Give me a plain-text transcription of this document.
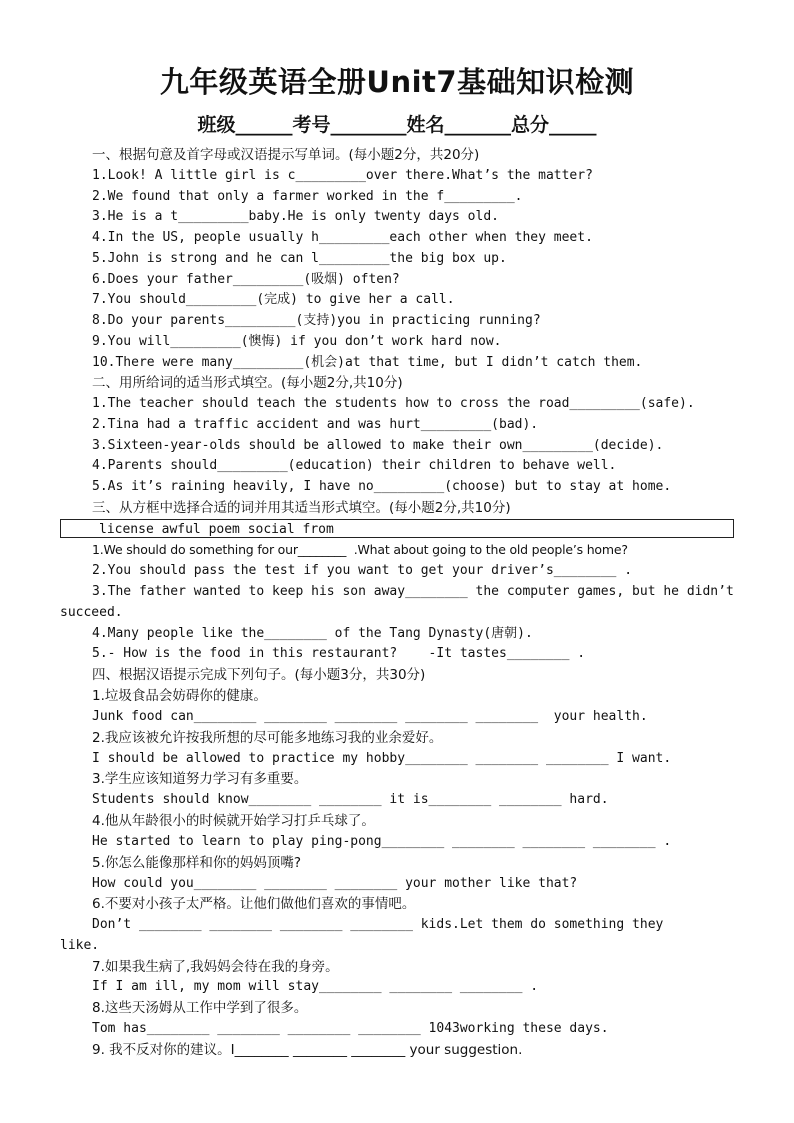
九年级英语全册Unit7基础知识检测
班级______考号________姓名_______总分_____
一、根据句意及首字母或汉语提示写单词。(每小题2分，共20分)
1.Look! A little girl is c_________over there.What’s the matter?
2.We found that only a farmer worked in the f_________.
3.He is a t_________baby.He is only twenty days old.
4.In the US, people usually h_________each other when they meet.
5.John is strong and he can l_________the big box up.
6.Does your father_________(吸烟) often?
7.You should_________(完成) to give her a call.
8.Do your parents_________(支持)you in practicing running?
9.You will_________(懊悔) if you don’t work hard now.
10.There were many_________(机会)at that time, but I didn’t catch them.
二、用所给词的适当形式填空。(每小题2分,共10分)
1.The teacher should teach the students how to cross the road_________(safe).
2.Tina had a traffic accident and was hurt_________(bad).
3.Sixteen-year-olds should be allowed to make their own_________(decide).
4.Parents should_________(education) their children to behave well.
5.As it’s raining heavily, I have no_________(choose) but to stay at home.
三、从方框中选择合适的词并用其适当形式填空。(每小题2分,共10分)
license awful poem social from
1.We should do something for our________  .What about going to the old people’s home?
2.You should pass the test if you want to get your driver’s________ .
3.The father wanted to keep his son away________ the computer games, but he didn’t
succeed.
4.Many people like the________ of the Tang Dynasty(唐朝).
5.- How is the food in this restaurant?    -It tastes________ .
四、根据汉语提示完成下列句子。(每小题3分，共30分)
1.垃圾食品会妨碍你的健康。
Junk food can________ ________ ________ ________ ________  your health.
2.我应该被允许按我所想的尽可能多地练习我的业余爱好。
I should be allowed to practice my hobby________ ________ ________ I want.
3.学生应该知道努力学习有多重要。
Students should know________ ________ it is________ ________ hard.
4.他从年龄很小的时候就开始学习打乒乓球了。
He started to learn to play ping-pong________ ________ ________ ________ .
5.你怎么能像那样和你的妈妈顶嘴?
How could you________ ________ ________ your mother like that?
6.不要对小孩子太严格。让他们做他们喜欢的事情吧。
Don’t ________ ________ ________ ________ kids.Let them do something they
like.
7.如果我生病了,我妈妈会待在我的身旁。
If I am ill, my mom will stay________ ________ ________ .
8.这些天汤姆从工作中学到了很多。
Tom has________ ________ ________ ________ 1043working these days.
9. 我不反对你的建议。I________ ________ ________ your suggestion.
